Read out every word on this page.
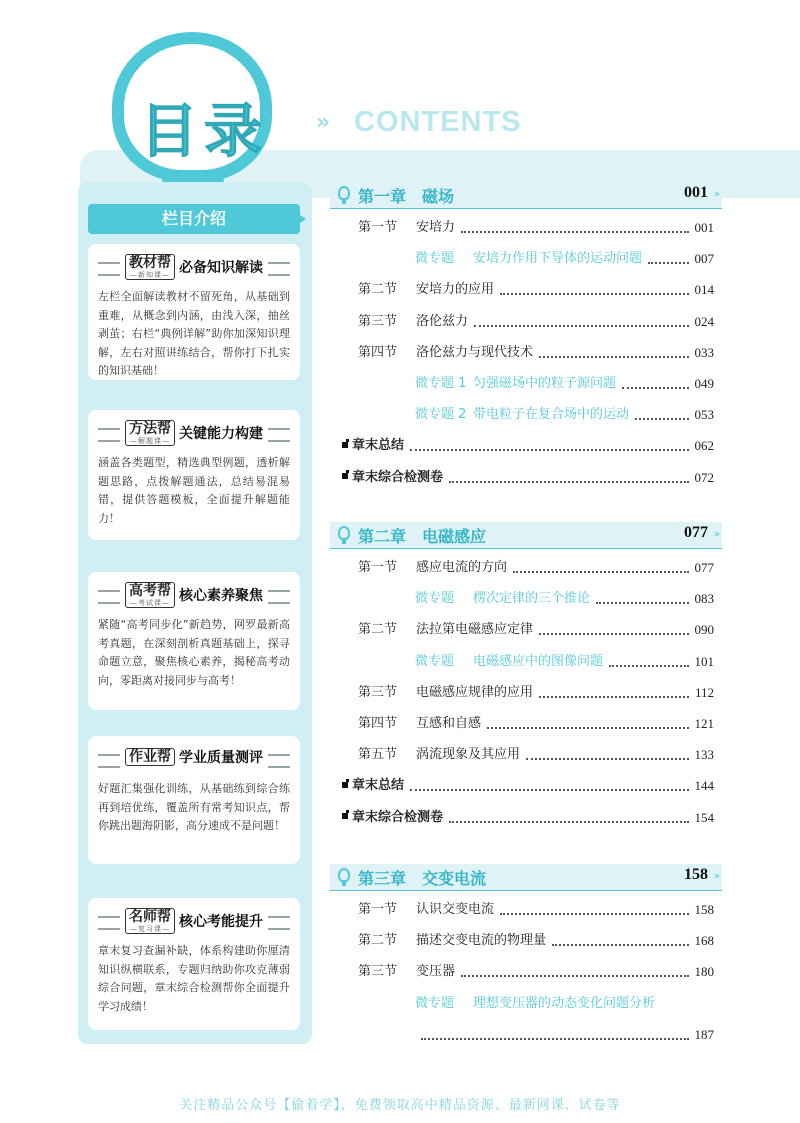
目录 » CONTENTS
栏目介绍
教材帮
—新知课— 必备知识解读
左栏全面解读教材不留死角，从基础到重难，从概念到内涵，由浅入深，抽丝剥茧；右栏“典例详解”助你加深知识理解，左右对照讲练结合，帮你打下扎实的知识基础！
方法帮
—解题课— 关键能力构建
涵盖各类题型，精选典型例题，透析解题思路，点拨解题通法，总结易混易错，提供答题模板，全面提升解题能力！
高考帮
—考试课— 核心素养聚焦
紧随“高考同步化”新趋势，网罗最新高考真题，在深刻剖析真题基础上，探寻命题立意，聚焦核心素养，揭秘高考动向，零距离对接同步与高考！
作业帮 学业质量测评
好题汇集强化训练，从基础练到综合练再到培优练，覆盖所有常考知识点，帮你跳出题海阴影，高分速成不是问题！
名师帮
—复习课— 核心考能提升
章末复习查漏补缺，体系构建助你厘清知识纵横联系，专题归纳助你攻克薄弱综合问题，章末综合检测帮你全面提升学习成绩！
第一章　磁场	001 »
第一节 安培力	001
微专题 安培力作用下导体的运动问题	007
第二节 安培力的应用	014
第三节 洛伦兹力	024
第四节 洛伦兹力与现代技术	033
微专题 1 匀强磁场中的粒子源问题	049
微专题 2 带电粒子在复合场中的运动	053
章末总结	062
章末综合检测卷	072
第二章　电磁感应	077 »
第一节 感应电流的方向	077
微专题 楞次定律的三个推论	083
第二节 法拉第电磁感应定律	090
微专题 电磁感应中的图像问题	101
第三节 电磁感应规律的应用	112
第四节 互感和自感	121
第五节 涡流现象及其应用	133
章末总结	144
章末综合检测卷	154
第三章　交变电流	158 »
第一节 认识交变电流	158
第二节 描述交变电流的物理量	168
第三节 变压器	180
微专题 理想变压器的动态变化问题分析
187
关注精品公众号【偷着学】，免费领取高中精品资源、最新网课、试卷等
